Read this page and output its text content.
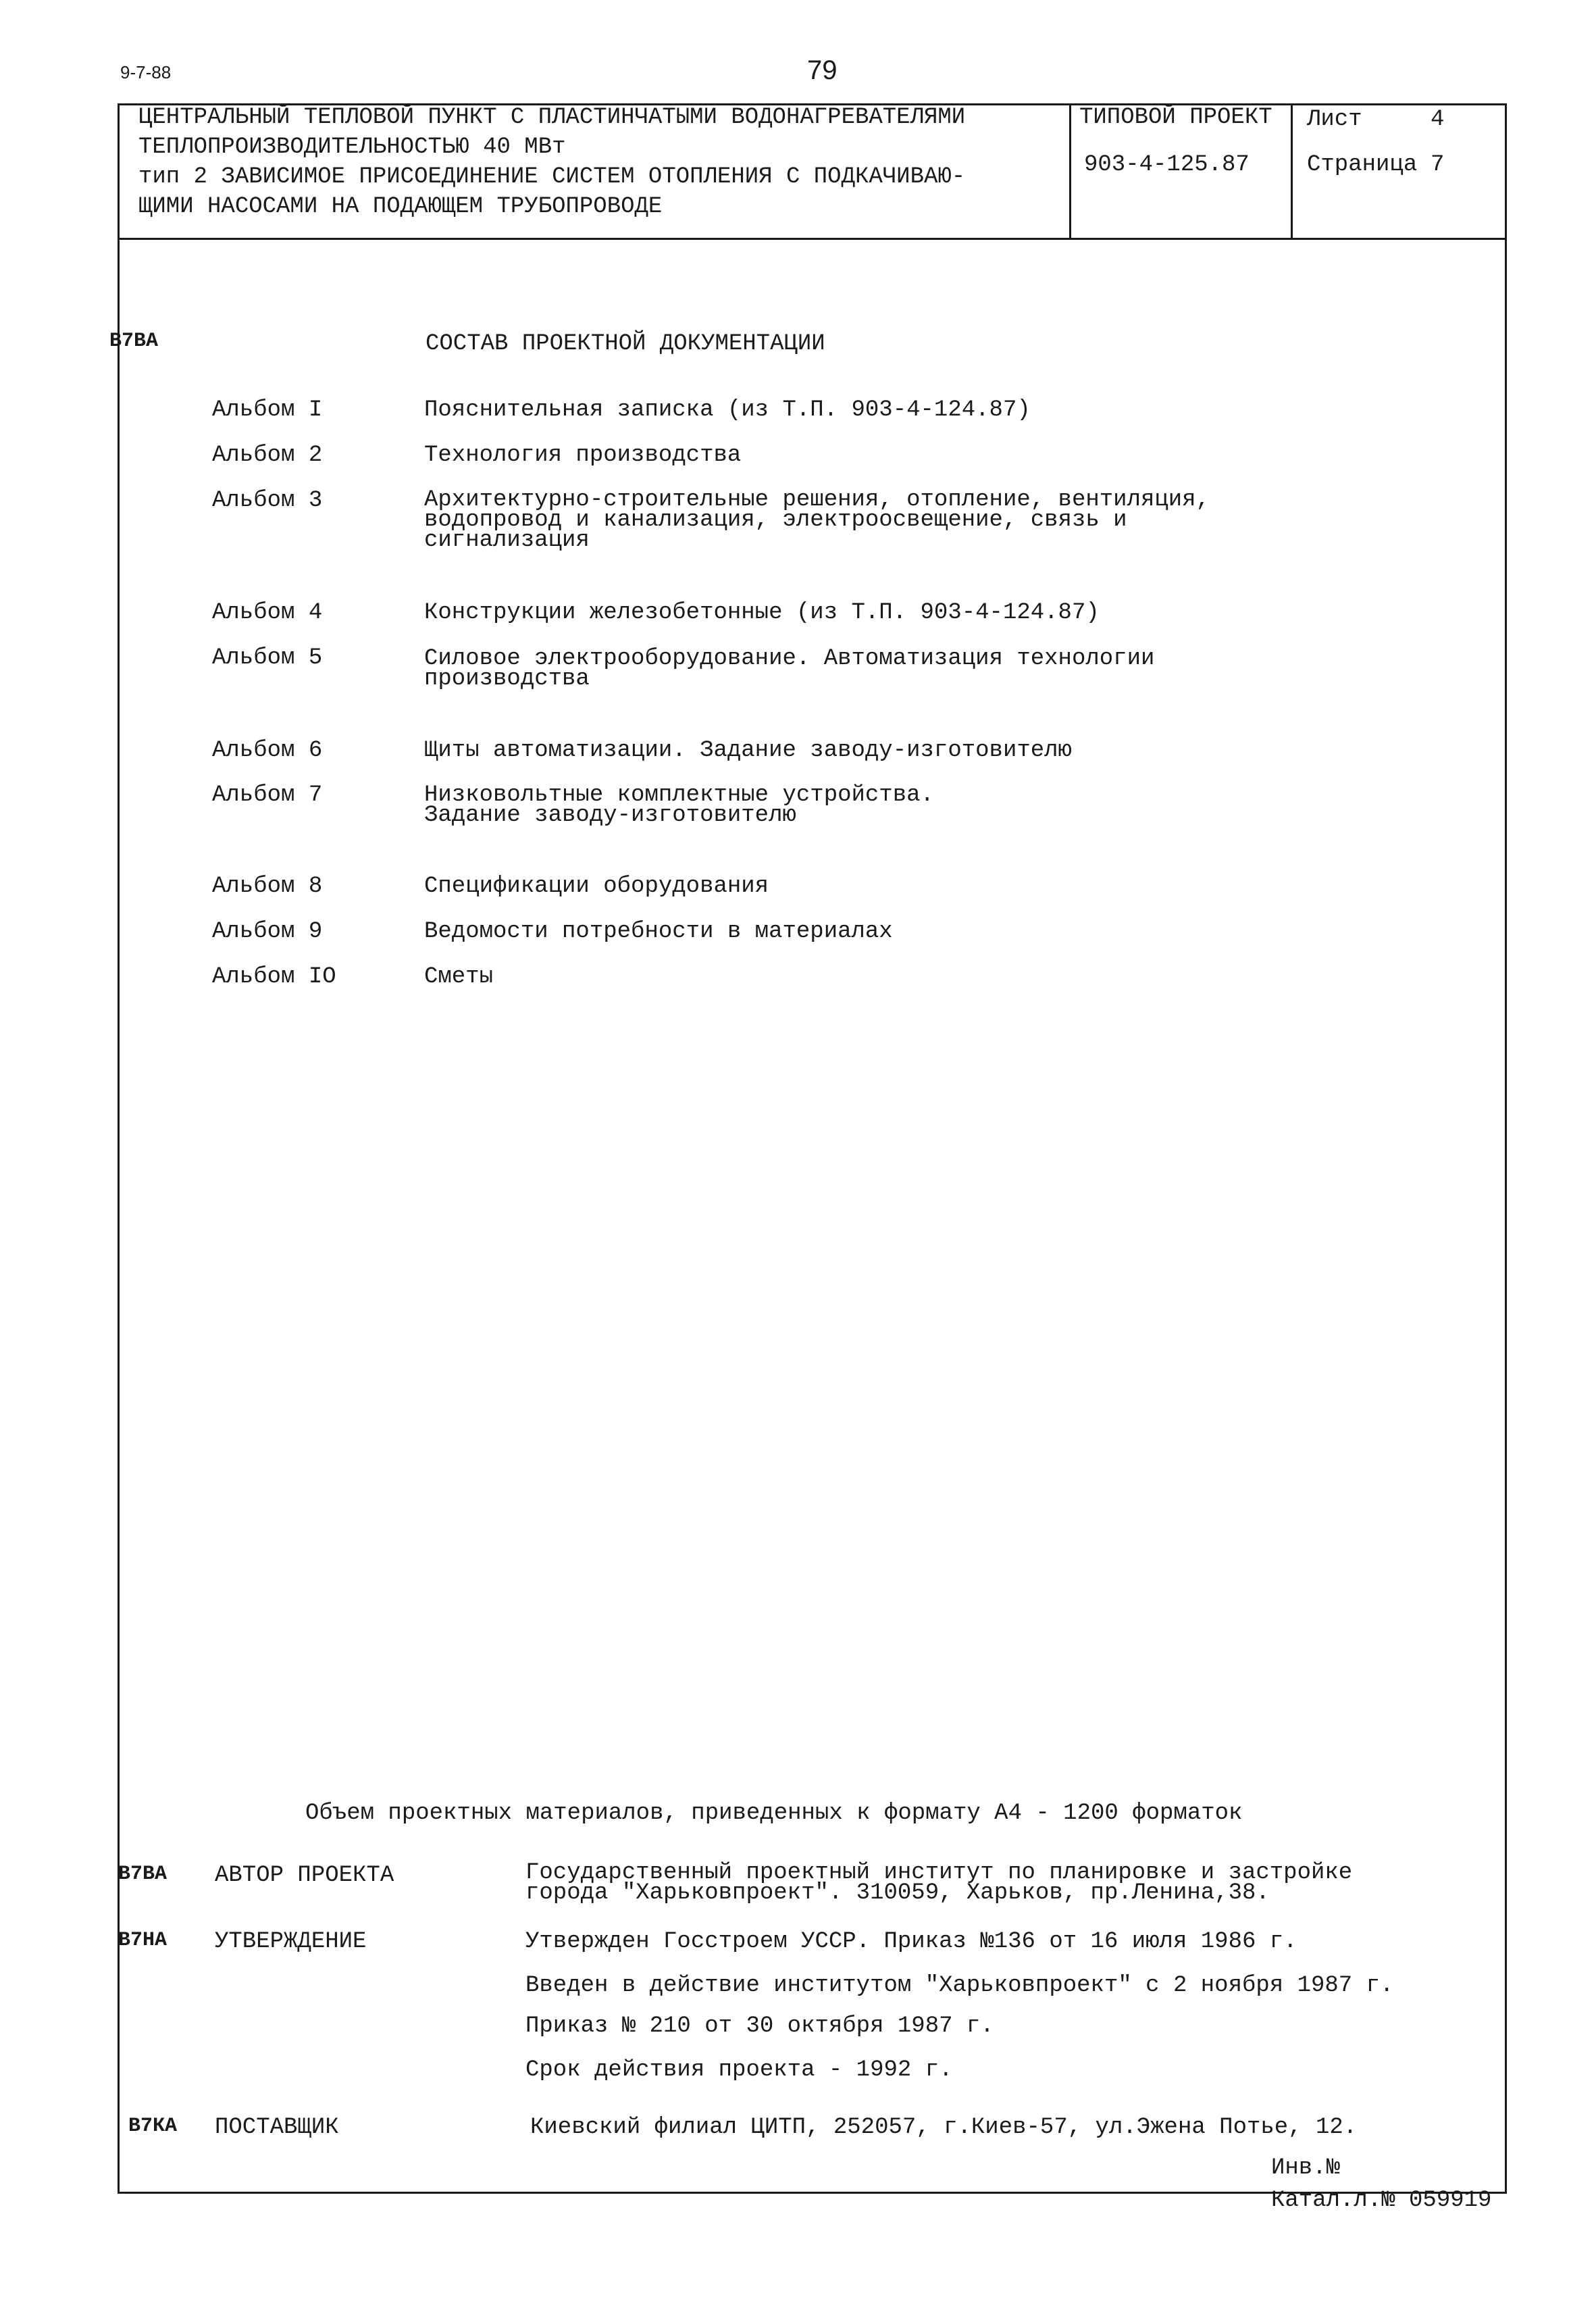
9-7-88	79
ЦЕНТРАЛЬНЫЙ ТЕПЛОВОЙ ПУНКТ С ПЛАСТИНЧАТЫМИ ВОДОНАГРЕВАТЕЛЯМИ
ТЕПЛОПРОИЗВОДИТЕЛЬНОСТЬЮ 40 МВт
тип 2 ЗАВИСИМОЕ ПРИСОЕДИНЕНИЕ СИСТЕМ ОТОПЛЕНИЯ С ПОДКАЧИВАЮ-
ЩИМИ НАСОСАМИ НА ПОДАЮЩЕМ ТРУБОПРОВОДЕ
ТИПОВОЙ ПРОЕКТ
903-4-125.87
Лист	4
Страница 7
В7ВА	СОСТАВ ПРОЕКТНОЙ ДОКУМЕНТАЦИИ
Альбом I	Пояснительная записка (из Т.П. 903-4-124.87)
Альбом 2	Технология производства
Альбом 3	Архитектурно-строительные решения, отопление, вентиляция,
водопровод и канализация, электроосвещение, связь и
сигнализация
Альбом 4	Конструкции железобетонные (из Т.П. 903-4-124.87)
Альбом 5	Силовое электрооборудование. Автоматизация технологии
производства
Альбом 6	Щиты автоматизации. Задание заводу-изготовителю
Альбом 7	Низковольтные комплектные устройства.
Задание заводу-изготовителю
Альбом 8	Спецификации оборудования
Альбом 9	Ведомости потребности в материалах
Альбом IO	Сметы
Объем проектных материалов, приведенных к формату А4 - 1200 форматок
В7ВА АВТОР ПРОЕКТА	Государственный проектный институт по планировке и застройке
города "Харьковпроект". 310059, Харьков, пр.Ленина,38.
В7НА УТВЕРЖДЕНИЕ	Утвержден Госстроем УССР. Приказ №136 от 16 июля 1986 г.
Введен в действие институтом "Харьковпроект" с 2 ноября 1987 г.
Приказ № 210 от 30 октября 1987 г.
Срок действия проекта - 1992 г.
В7КА ПОСТАВЩИК	Киевский филиал ЦИТП, 252057, г.Киев-57, ул.Эжена Потье, 12.
Инв.№
Катал.л.№ 059919
